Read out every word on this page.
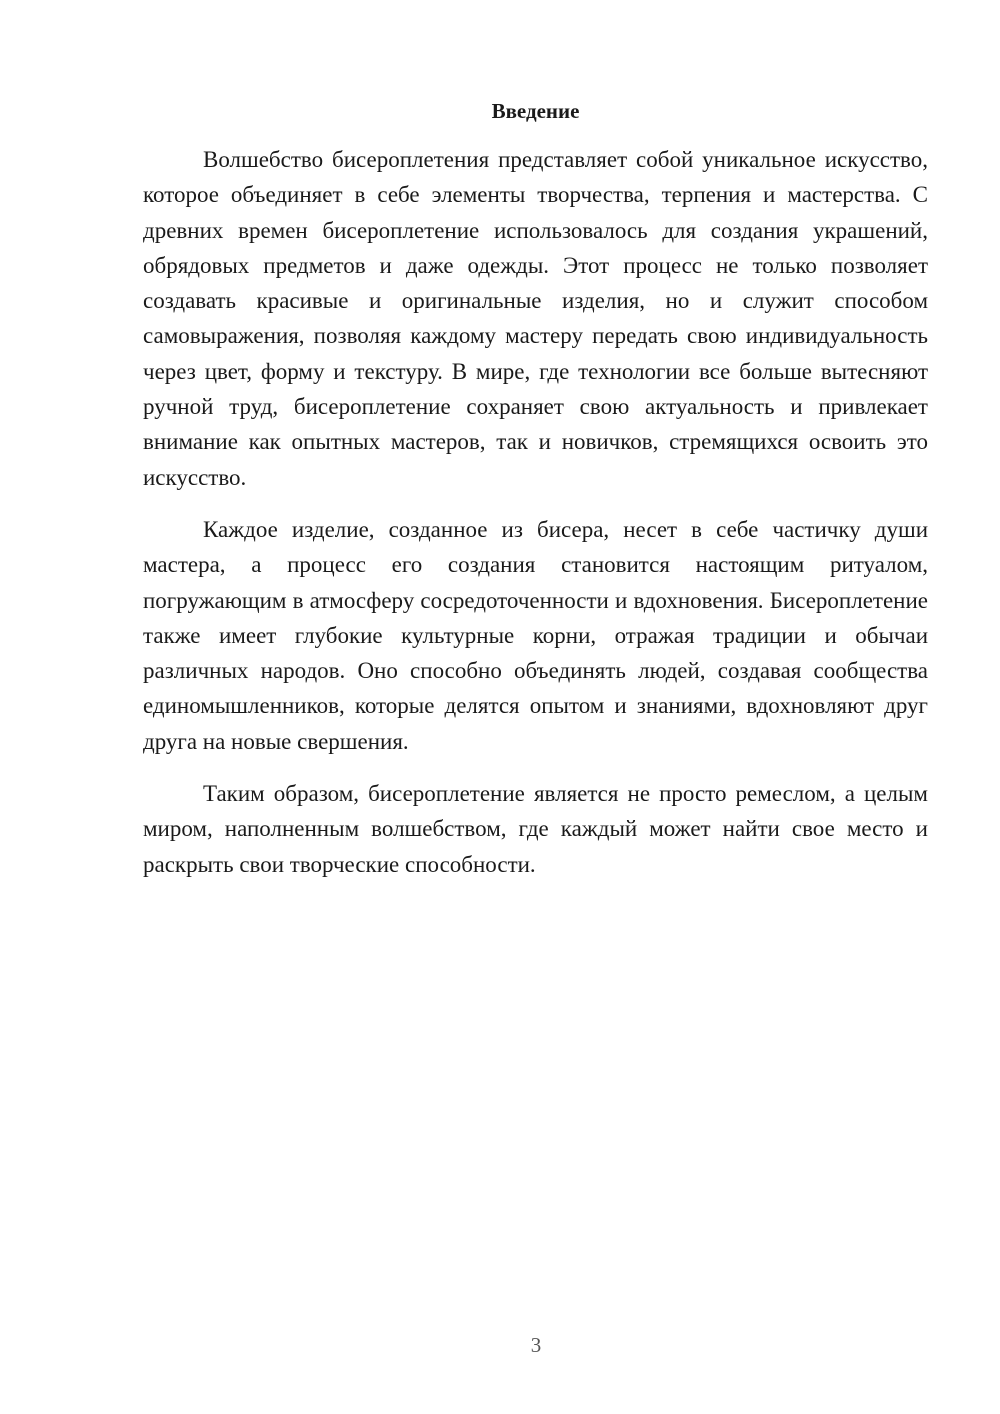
Введение

Волшебство бисероплетения представляет собой уникальное искусство, которое объединяет в себе элементы творчества, терпения и мастерства. С древних времен бисероплетение использовалось для создания украшений, обрядовых предметов и даже одежды. Этот процесс не только позволяет создавать красивые и оригинальные изделия, но и служит способом самовыражения, позволяя каждому мастеру передать свою индивидуальность через цвет, форму и текстуру. В мире, где технологии все больше вытесняют ручной труд, бисероплетение сохраняет свою актуальность и привлекает внимание как опытных мастеров, так и новичков, стремящихся освоить это искусство.

Каждое изделие, созданное из бисера, несет в себе частичку души мастера, а процесс его создания становится настоящим ритуалом, погружающим в атмосферу сосредоточенности и вдохновения. Бисероплетение также имеет глубокие культурные корни, отражая традиции и обычаи различных народов. Оно способно объединять людей, создавая сообщества единомышленников, которые делятся опытом и знаниями, вдохновляют друг друга на новые свершения.

Таким образом, бисероплетение является не просто ремеслом, а целым миром, наполненным волшебством, где каждый может найти свое место и раскрыть свои творческие способности.

3
